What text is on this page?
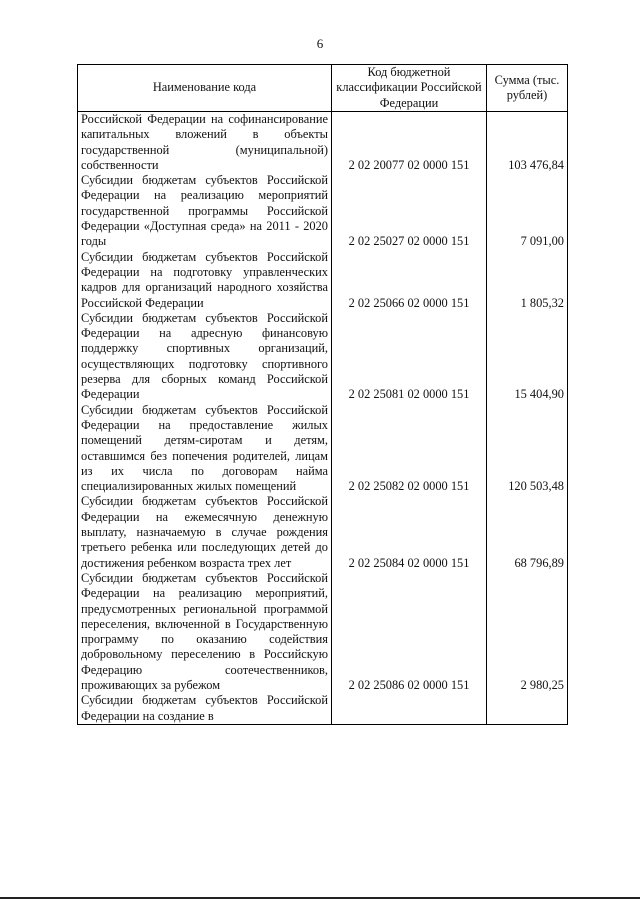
6
Наименование кода	Код бюджетной классификации Российской Федерации	Сумма (тыс. рублей)
Российской Федерации на софинансирование капитальных вложений в объекты государственной (муниципальной) собственности	2 02 20077 02 0000 151	103 476,84
Субсидии бюджетам субъектов Российской Федерации на реализацию мероприятий государственной программы Российской Федерации «Доступная среда» на 2011 - 2020 годы	2 02 25027 02 0000 151	7 091,00
Субсидии бюджетам субъектов Российской Федерации на подготовку управленческих кадров для организаций народного хозяйства Российской Федерации	2 02 25066 02 0000 151	1 805,32
Субсидии бюджетам субъектов Российской Федерации на адресную финансовую поддержку спортивных организаций, осуществляющих подготовку спортивного резерва для сборных команд Российской Федерации	2 02 25081 02 0000 151	15 404,90
Субсидии бюджетам субъектов Российской Федерации на предоставление жилых помещений детям-сиротам и детям, оставшимся без попечения родителей, лицам из их числа по договорам найма специализированных жилых помещений	2 02 25082 02 0000 151	120 503,48
Субсидии бюджетам субъектов Российской Федерации на ежемесячную денежную выплату, назначаемую в случае рождения третьего ребенка или последующих детей до достижения ребенком возраста трех лет	2 02 25084 02 0000 151	68 796,89
Субсидии бюджетам субъектов Российской Федерации на реализацию мероприятий, предусмотренных региональной программой переселения, включенной в Государственную программу по оказанию содействия добровольному переселению в Российскую Федерацию соотечественников, проживающих за рубежом	2 02 25086 02 0000 151	2 980,25
Субсидии бюджетам субъектов Российской Федерации на создание в		
